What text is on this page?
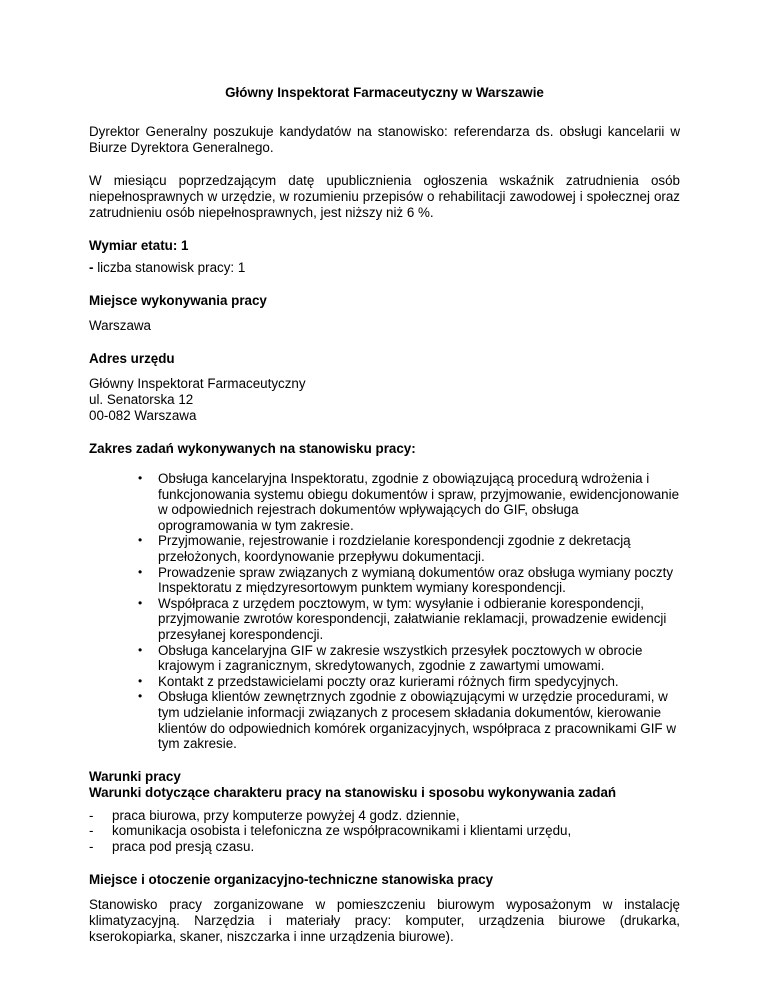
Główny Inspektorat Farmaceutyczny w Warszawie

Dyrektor Generalny poszukuje kandydatów na stanowisko: referendarza ds. obsługi kancelarii w Biurze Dyrektora Generalnego.

W miesiącu poprzedzającym datę upublicznienia ogłoszenia wskaźnik zatrudnienia osób niepełnosprawnych w urzędzie, w rozumieniu przepisów o rehabilitacji zawodowej i społecznej oraz zatrudnieniu osób niepełnosprawnych, jest niższy niż 6 %.

Wymiar etatu: 1

- liczba stanowisk pracy: 1

Miejsce wykonywania pracy

Warszawa

Adres urzędu

Główny Inspektorat Farmaceutyczny

ul. Senatorska 12

00-082 Warszawa

Zakres zadań wykonywanych na stanowisku pracy:
• Obsługa kancelaryjna Inspektoratu, zgodnie z obowiązującą procedurą wdrożenia i funkcjonowania systemu obiegu dokumentów i spraw, przyjmowanie, ewidencjonowanie w odpowiednich rejestrach dokumentów wpływających do GIF, obsługa oprogramowania w tym zakresie.
• Przyjmowanie, rejestrowanie i rozdzielanie korespondencji zgodnie z dekretacją przełożonych, koordynowanie przepływu dokumentacji.
• Prowadzenie spraw związanych z wymianą dokumentów oraz obsługa wymiany poczty Inspektoratu z międzyresortowym punktem wymiany korespondencji.
• Współpraca z urzędem pocztowym, w tym: wysyłanie i odbieranie korespondencji, przyjmowanie zwrotów korespondencji, załatwianie reklamacji, prowadzenie ewidencji przesyłanej korespondencji.
• Obsługa kancelaryjna GIF w zakresie wszystkich przesyłek pocztowych w obrocie krajowym i zagranicznym, skredytowanych, zgodnie z zawartymi umowami.
• Kontakt z przedstawicielami poczty oraz kurierami różnych firm spedycyjnych.
• Obsługa klientów zewnętrznych zgodnie z obowiązującymi w urzędzie procedurami, w tym udzielanie informacji związanych z procesem składania dokumentów, kierowanie klientów do odpowiednich komórek organizacyjnych, współpraca z pracownikami GIF w tym zakresie.
Warunki pracy
Warunki dotyczące charakteru pracy na stanowisku i sposobu wykonywania zadań
- praca biurowa, przy komputerze powyżej 4 godz. dziennie,
- komunikacja osobista i telefoniczna ze współpracownikami i klientami urzędu,
- praca pod presją czasu.
Miejsce i otoczenie organizacyjno-techniczne stanowiska pracy

Stanowisko pracy zorganizowane w pomieszczeniu biurowym wyposażonym w instalację klimatyzacyjną. Narzędzia i materiały pracy: komputer, urządzenia biurowe (drukarka, kserokopiarka, skaner, niszczarka i inne urządzenia biurowe).
